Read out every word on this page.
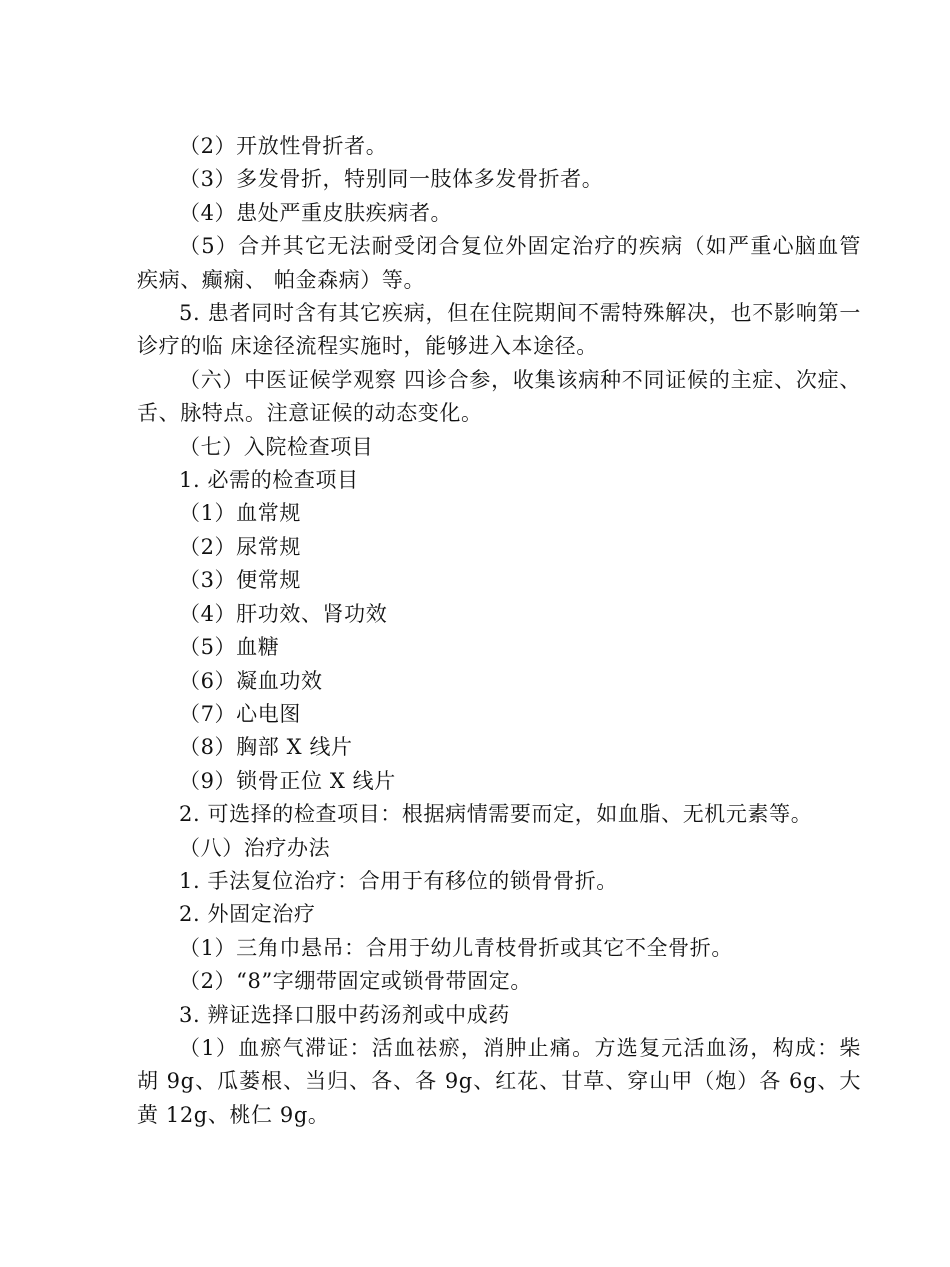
（2）开放性骨折者。

（3）多发骨折，特别同一肢体多发骨折者。

（4）患处严重皮肤疾病者。

（5）合并其它无法耐受闭合复位外固定治疗的疾病（如严重心脑血管疾病、癫痫、 帕金森病）等。

5. 患者同时含有其它疾病，但在住院期间不需特殊解决，也不影响第一诊疗的临 床途径流程实施时，能够进入本途径。

（六）中医证候学观察 四诊合参，收集该病种不同证候的主症、次症、舌、脉特点。注意证候的动态变化。

（七）入院检查项目

1. 必需的检查项目

（1）血常规

（2）尿常规

（3）便常规

（4）肝功效、肾功效

（5）血糖

（6）凝血功效

（7）心电图

（8）胸部 X 线片

（9）锁骨正位 X 线片

2. 可选择的检查项目：根据病情需要而定，如血脂、无机元素等。

（八）治疗办法

1. 手法复位治疗：合用于有移位的锁骨骨折。

2. 外固定治疗

（1）三角巾悬吊：合用于幼儿青枝骨折或其它不全骨折。

（2）“8”字绷带固定或锁骨带固定。

3. 辨证选择口服中药汤剂或中成药

（1）血瘀气滞证：活血祛瘀，消肿止痛。方选复元活血汤，构成：柴胡 9g、瓜蒌根、当归、各、各 9g、红花、甘草、穿山甲（炮）各 6g、大黄 12g、桃仁 9g。
